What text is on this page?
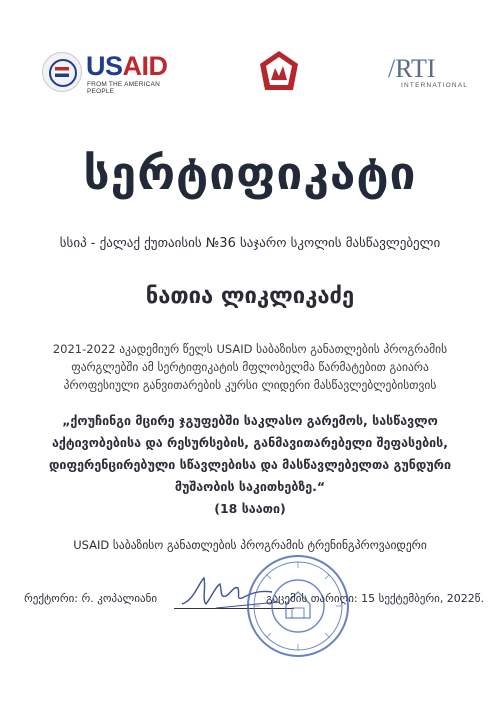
USAID
FROM THE AMERICAN PEOPLE
/RTI
INTERNATIONAL
სერტიფიკატი
სსიპ - ქალაქ ქუთაისის №36 საჯარო სკოლის მასწავლებელი
ნათია ლიკლიკაძე
2021-2022 აკადემიურ წელს USAID საბაზისო განათლების პროგრამის ფარგლებში ამ სერტიფიკატის მფლობელმა წარმატებით გაიარა პროფესიული განვითარების კურსი ლიდერი მასწავლებლებისთვის
„ქოუჩინგი მცირე ჯგუფებში საკლასო გარემოს, სასწავლო აქტივობებისა და რესურსების, განმავითარებელი შეფასების, დიფერენცირებული სწავლებისა და მასწავლებელთა გუნდური მუშაობის საკითხებზე.“
(18 საათი)
USAID საბაზისო განათლების პროგრამის ტრენინგპროვაიდერი
რექტორი: რ. კოპალიანი	გაცემის თარიღი: 15 სექტემბერი, 2022წ.
